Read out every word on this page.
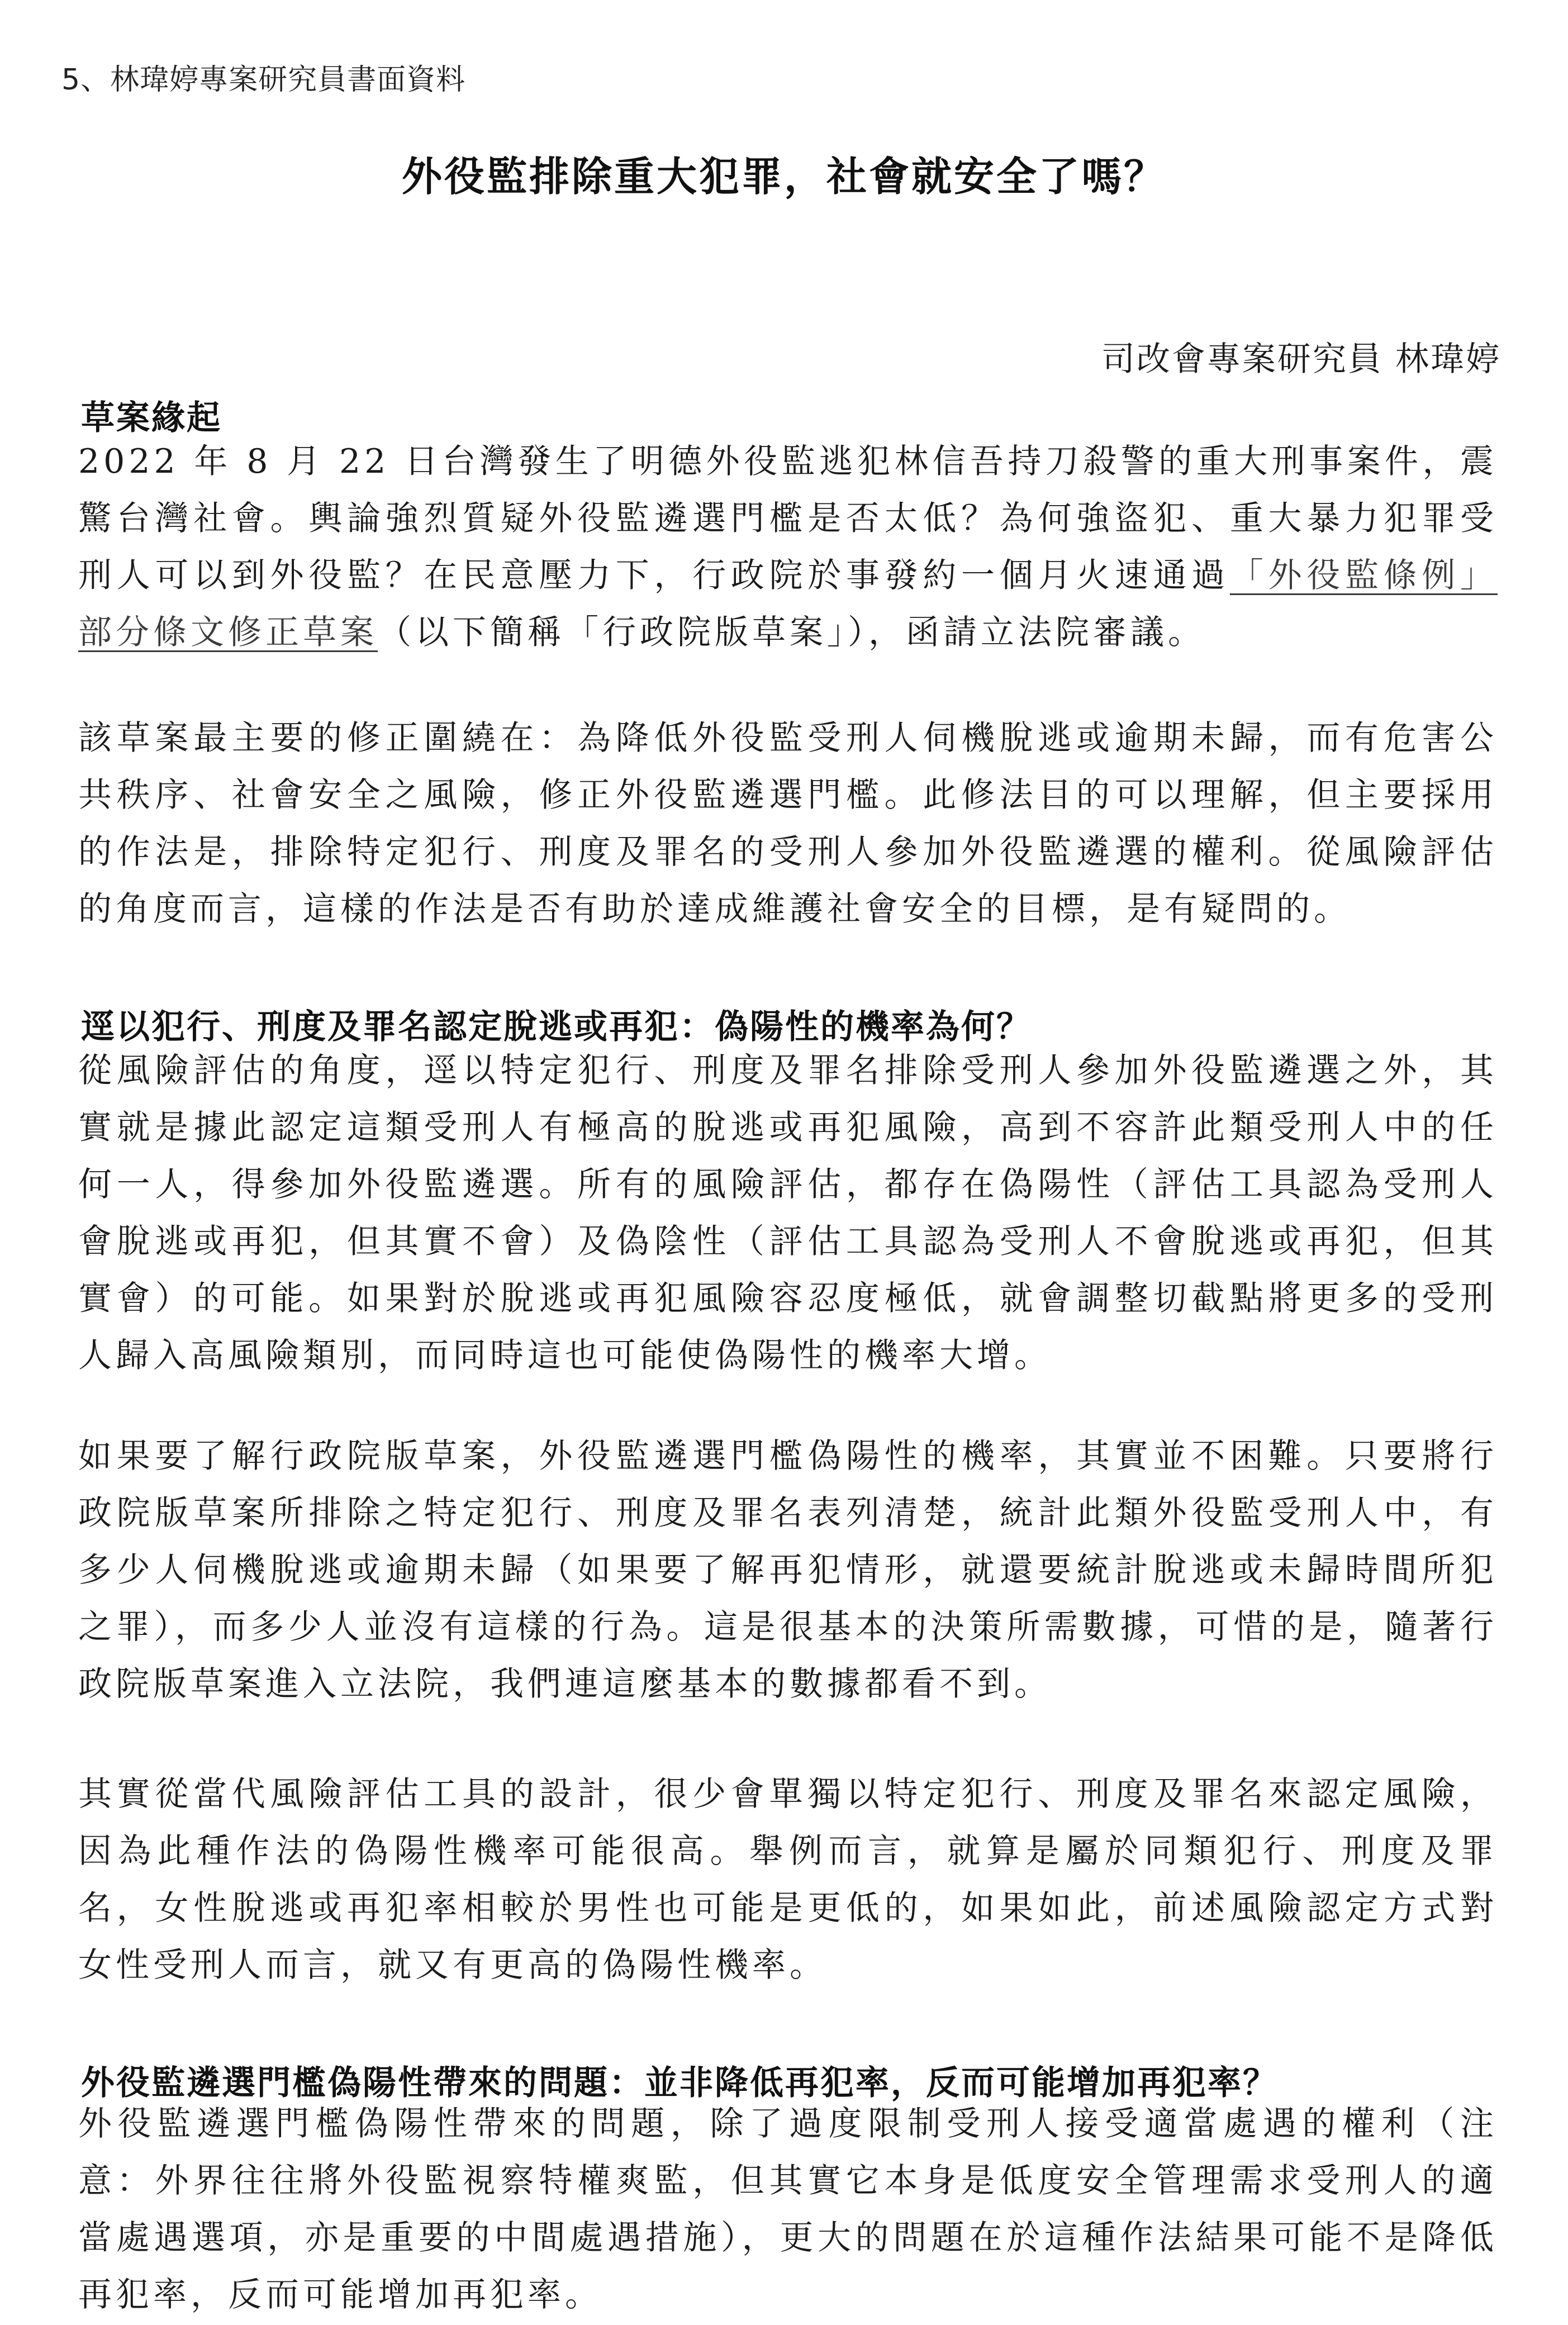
5、林瑋婷專案研究員書面資料
外役監排除重大犯罪，社會就安全了嗎？
司改會專案研究員 林瑋婷
草案緣起

2022 年 8 月 22 日台灣發生了明德外役監逃犯林信吾持刀殺警的重大刑事案件，震驚台灣社會。輿論強烈質疑外役監遴選門檻是否太低？為何強盜犯、重大暴力犯罪受刑人可以到外役監？在民意壓力下，行政院於事發約一個月火速通過「外役監條例」部分條文修正草案（以下簡稱「行政院版草案」），函請立法院審議。

該草案最主要的修正圍繞在：為降低外役監受刑人伺機脫逃或逾期未歸，而有危害公共秩序、社會安全之風險，修正外役監遴選門檻。此修法目的可以理解，但主要採用的作法是，排除特定犯行、刑度及罪名的受刑人參加外役監遴選的權利。從風險評估的角度而言，這樣的作法是否有助於達成維護社會安全的目標，是有疑問的。

逕以犯行、刑度及罪名認定脫逃或再犯：偽陽性的機率為何？

從風險評估的角度，逕以特定犯行、刑度及罪名排除受刑人參加外役監遴選之外，其實就是據此認定這類受刑人有極高的脫逃或再犯風險，高到不容許此類受刑人中的任何一人，得參加外役監遴選。所有的風險評估，都存在偽陽性（評估工具認為受刑人會脫逃或再犯，但其實不會）及偽陰性（評估工具認為受刑人不會脫逃或再犯，但其實會）的可能。如果對於脫逃或再犯風險容忍度極低，就會調整切截點將更多的受刑人歸入高風險類別，而同時這也可能使偽陽性的機率大增。

如果要了解行政院版草案，外役監遴選門檻偽陽性的機率，其實並不困難。只要將行政院版草案所排除之特定犯行、刑度及罪名表列清楚，統計此類外役監受刑人中，有多少人伺機脫逃或逾期未歸（如果要了解再犯情形，就還要統計脫逃或未歸時間所犯之罪），而多少人並沒有這樣的行為。這是很基本的決策所需數據，可惜的是，隨著行政院版草案進入立法院，我們連這麼基本的數據都看不到。

其實從當代風險評估工具的設計，很少會單獨以特定犯行、刑度及罪名來認定風險，因為此種作法的偽陽性機率可能很高。舉例而言，就算是屬於同類犯行、刑度及罪名，女性脫逃或再犯率相較於男性也可能是更低的，如果如此，前述風險認定方式對女性受刑人而言，就又有更高的偽陽性機率。

外役監遴選門檻偽陽性帶來的問題：並非降低再犯率，反而可能增加再犯率？

外役監遴選門檻偽陽性帶來的問題，除了過度限制受刑人接受適當處遇的權利（注意：外界往往將外役監視察特權爽監，但其實它本身是低度安全管理需求受刑人的適當處遇選項，亦是重要的中間處遇措施），更大的問題在於這種作法結果可能不是降低再犯率，反而可能增加再犯率。
